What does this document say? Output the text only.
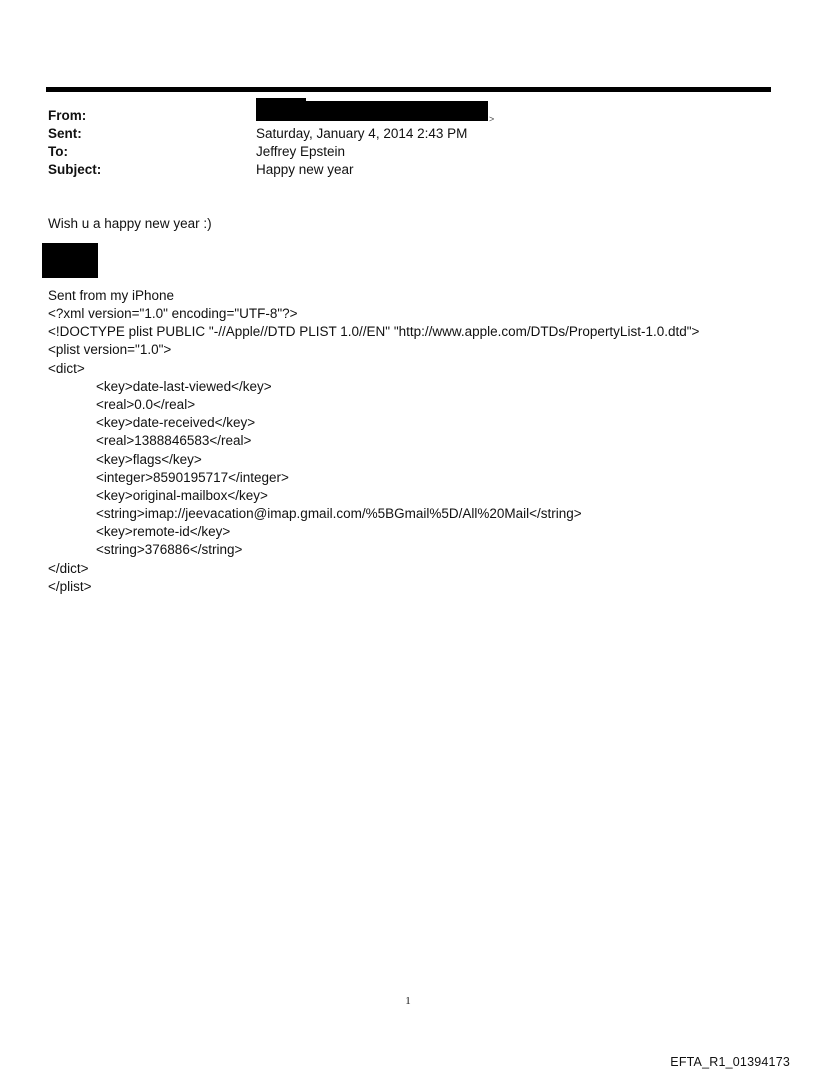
From:	>
Sent:	Saturday, January 4, 2014 2:43 PM
To:	Jeffrey Epstein
Subject:	Happy new year
Wish u a happy new year :)
Sent from my iPhone
<?xml version="1.0" encoding="UTF-8"?>
<!DOCTYPE plist PUBLIC "-//Apple//DTD PLIST 1.0//EN" "http://www.apple.com/DTDs/PropertyList-1.0.dtd">
<plist version="1.0">
<dict>
<key>date-last-viewed</key>
<real>0.0</real>
<key>date-received</key>
<real>1388846583</real>
<key>flags</key>
<integer>8590195717</integer>
<key>original-mailbox</key>
<string>imap://jeevacation@imap.gmail.com/%5BGmail%5D/All%20Mail</string>
<key>remote-id</key>
<string>376886</string>
</dict>
</plist>
1
EFTA_R1_01394173
